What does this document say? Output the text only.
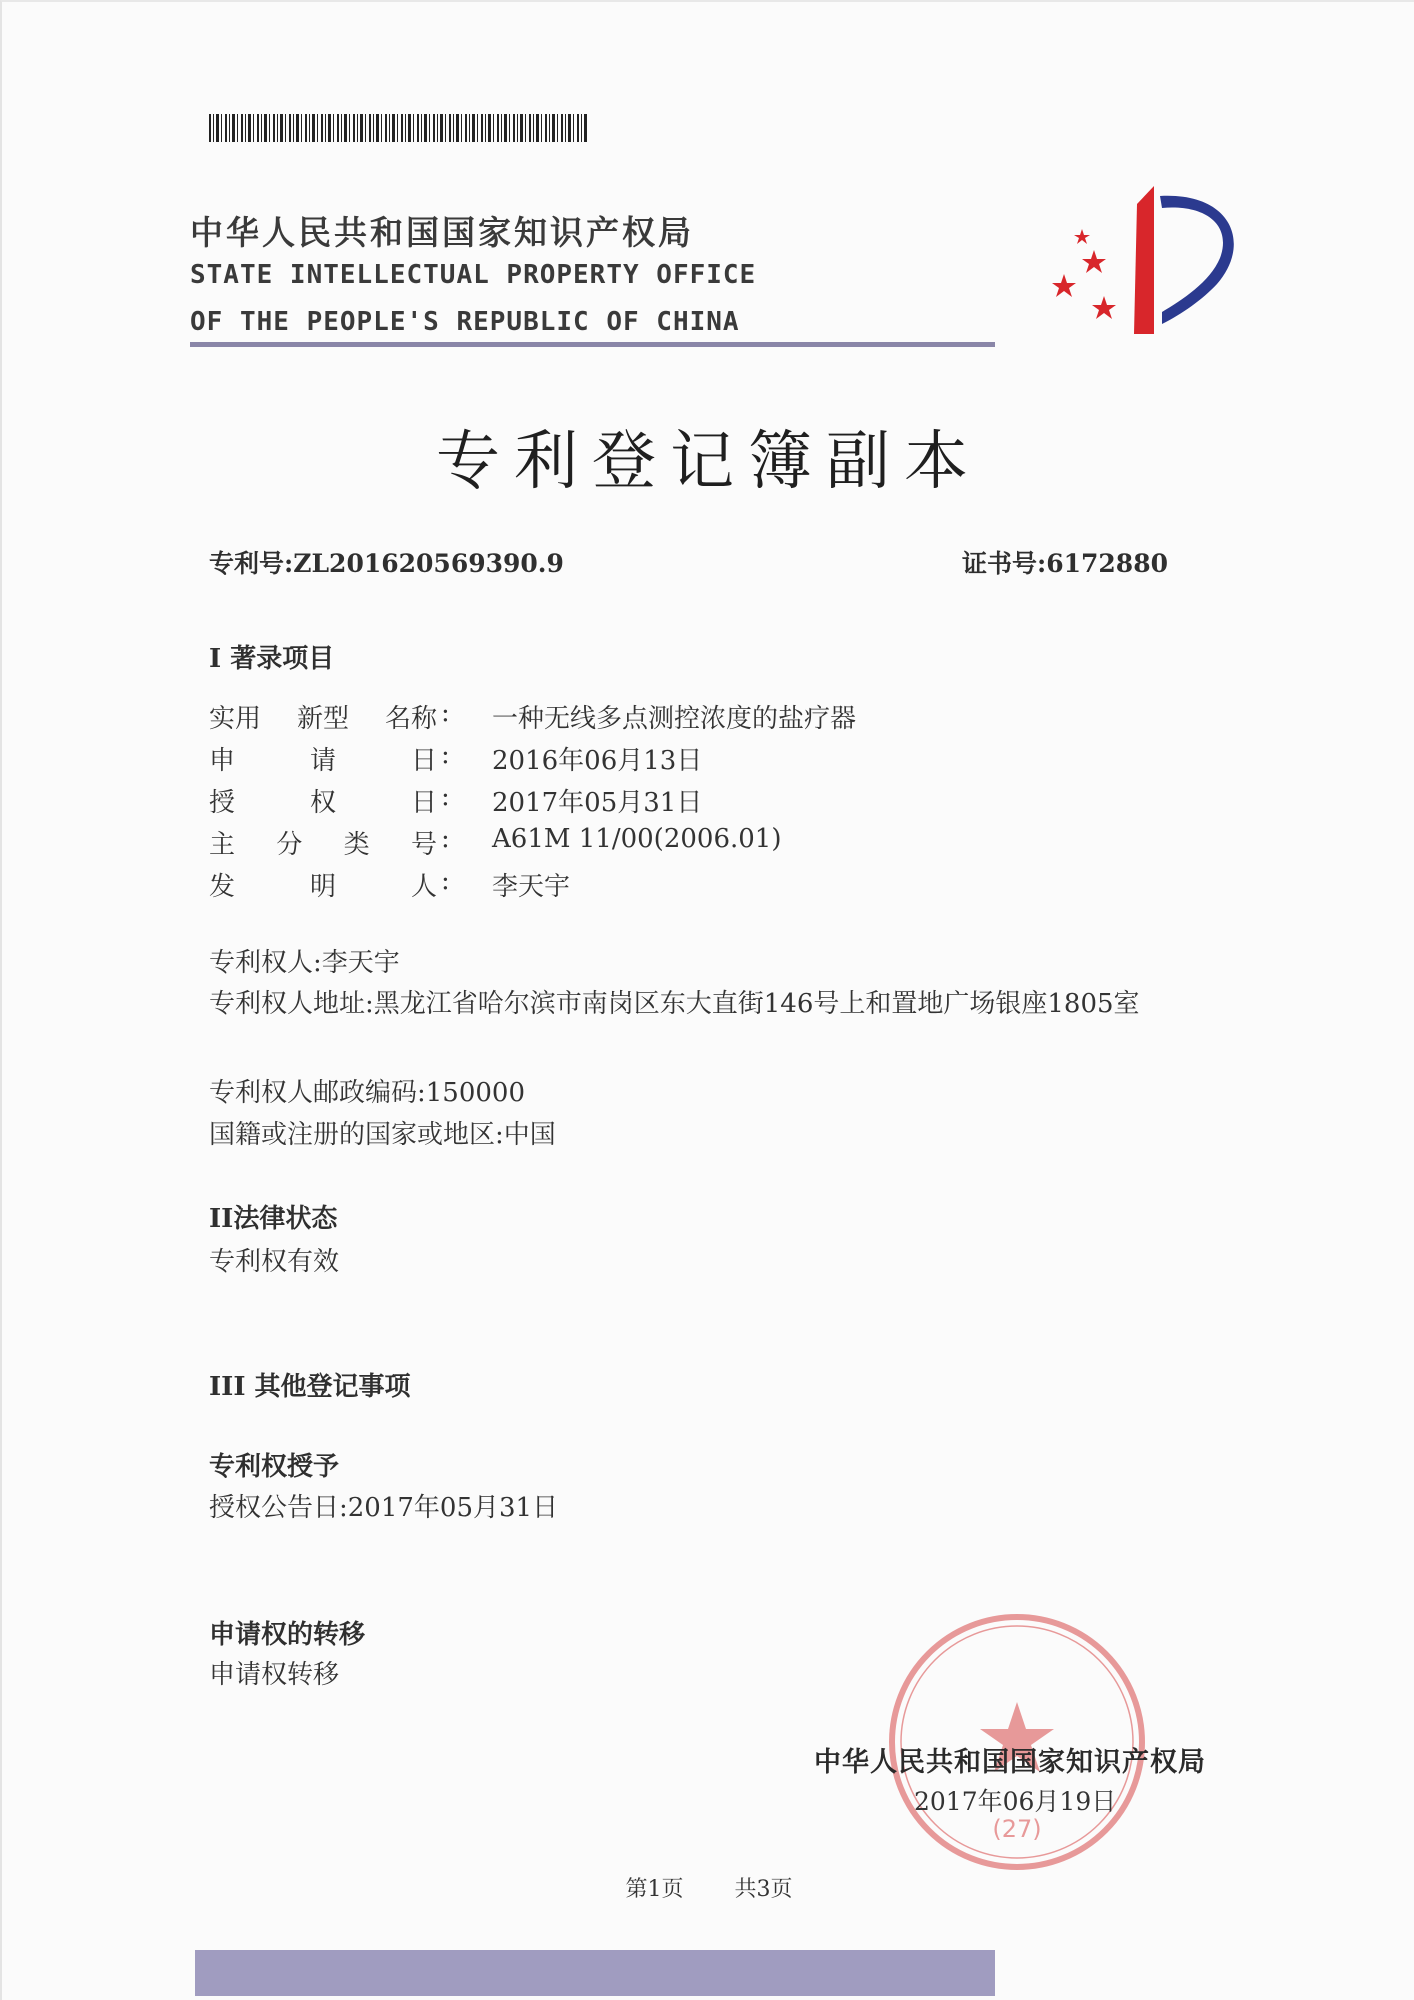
中华人民共和国国家知识产权局
STATE INTELLECTUAL PROPERTY OFFICE
OF THE PEOPLE'S REPUBLIC OF CHINA
专利登记簿副本
专利号:ZL201620569390.9	证书号:6172880
I 著录项目
实用 新型 名称 : 一种无线多点测控浓度的盐疗器
申	请	日 : 2016年06月13日
授	权	日 : 2017年05月31日
主 分 类 号 : A61M 11/00(2006.01)
发	明	人 : 李天宇
专利权人:李天宇
专利权人地址:黑龙江省哈尔滨市南岗区东大直街146号上和置地广场银座1805室
专利权人邮政编码:150000
国籍或注册的国家或地区:中国
II法律状态
专利权有效
III 其他登记事项
专利权授予
授权公告日:2017年05月31日
申请权的转移
申请权转移
(27)
中华人民共和国国家知识产权局
2017年06月19日
第1页 共3页
